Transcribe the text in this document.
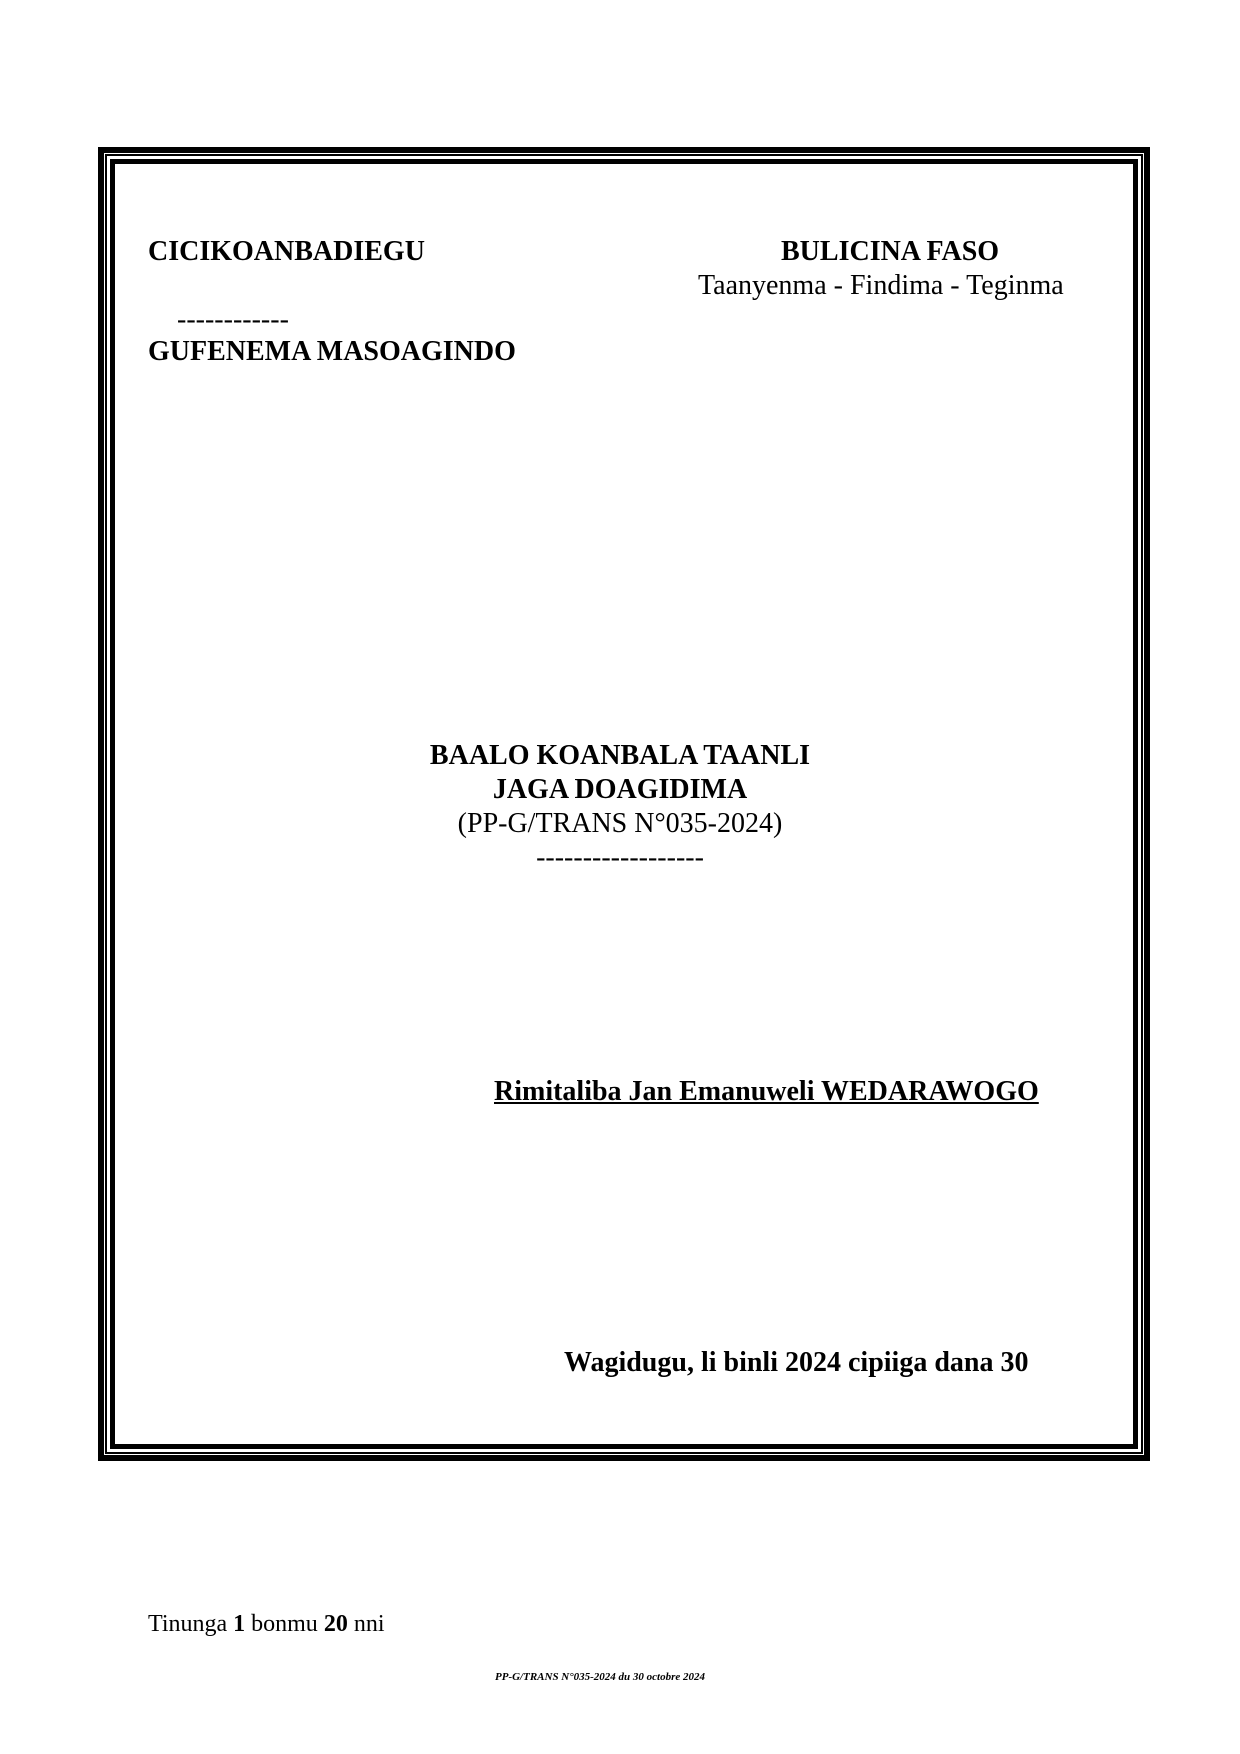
CICIKOANBADIEGU
------------
GUFENEMA MASOAGINDO
BULICINA FASO
Taanyenma - Findima - Teginma
BAALO KOANBALA TAANLI
JAGA DOAGIDIMA
(PP-G/TRANS N°035-2024)
------------------
Rimitaliba Jan Emanuweli WEDARAWOGO
Wagidugu, li binli 2024 cipiiga dana 30
Tinunga 1 bonmu 20 nni
PP-G/TRANS N°035-2024 du 30 octobre 2024
